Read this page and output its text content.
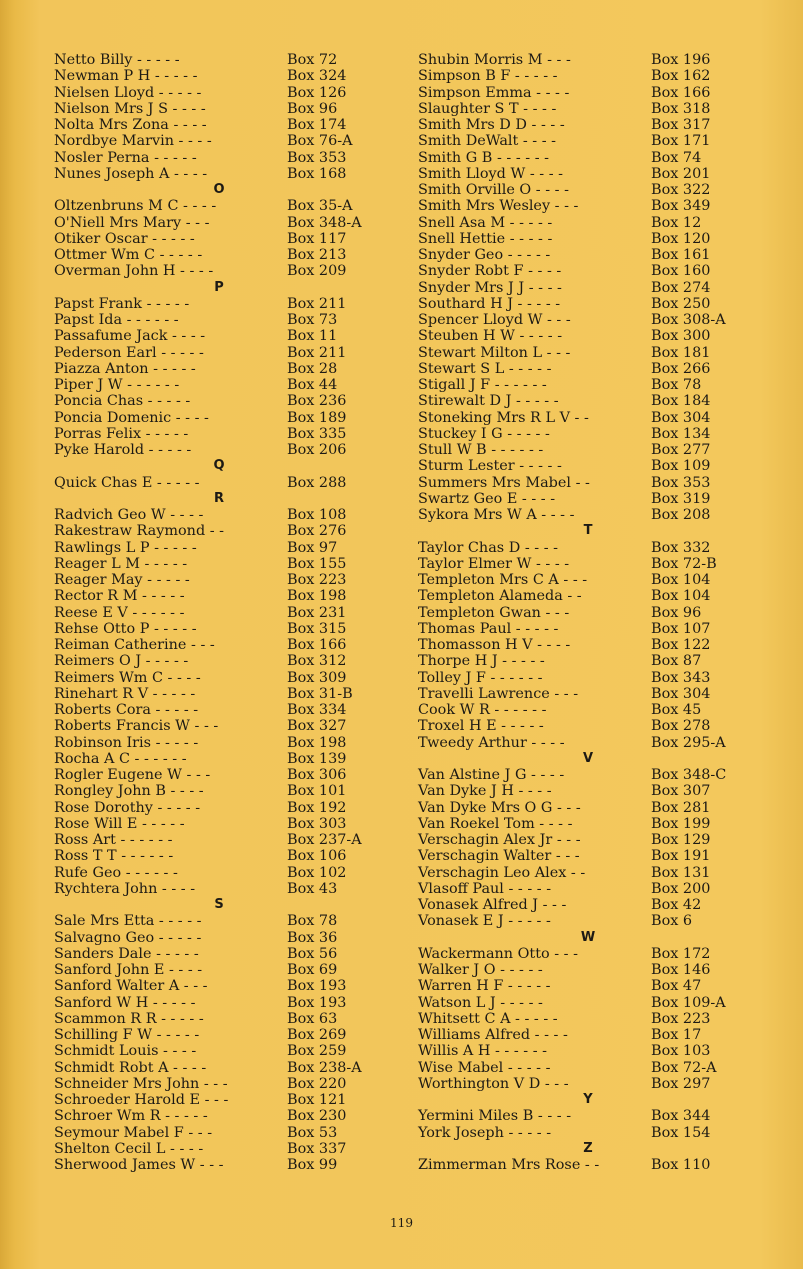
Netto Billy - - - - -	Box 72
Newman P H - - - - -	Box 324
Nielsen Lloyd - - - - -	Box 126
Nielson Mrs J S - - - -	Box 96
Nolta Mrs Zona - - - -	Box 174
Nordbye Marvin - - - -	Box 76-A
Nosler Perna - - - - -	Box 353
Nunes Joseph A - - - -	Box 168
O
Oltzenbruns M C - - - -	Box 35-A
O'Niell Mrs Mary - - -	Box 348-A
Otiker Oscar - - - - -	Box 117
Ottmer Wm C - - - - -	Box 213
Overman John H - - - -	Box 209
P
Papst Frank - - - - -	Box 211
Papst Ida - - - - - -	Box 73
Passafume Jack - - - -	Box 11
Pederson Earl - - - - -	Box 211
Piazza Anton - - - - -	Box 28
Piper J W - - - - - -	Box 44
Poncia Chas - - - - -	Box 236
Poncia Domenic - - - -	Box 189
Porras Felix - - - - -	Box 335
Pyke Harold - - - - -	Box 206
Q
Quick Chas E - - - - -	Box 288
R
Radvich Geo W - - - -	Box 108
Rakestraw Raymond - -	Box 276
Rawlings L P - - - - -	Box 97
Reager L M - - - - -	Box 155
Reager May - - - - -	Box 223
Rector R M - - - - -	Box 198
Reese E V - - - - - -	Box 231
Rehse Otto P - - - - -	Box 315
Reiman Catherine - - -	Box 166
Reimers O J - - - - -	Box 312
Reimers Wm C - - - -	Box 309
Rinehart R V - - - - -	Box 31-B
Roberts Cora - - - - -	Box 334
Roberts Francis W - - -	Box 327
Robinson Iris - - - - -	Box 198
Rocha A C - - - - - -	Box 139
Rogler Eugene W - - -	Box 306
Rongley John B - - - -	Box 101
Rose Dorothy - - - - -	Box 192
Rose Will E - - - - -	Box 303
Ross Art - - - - - -	Box 237-A
Ross T T - - - - - -	Box 106
Rufe Geo - - - - - -	Box 102
Rychtera John - - - -	Box 43
S
Sale Mrs Etta - - - - -	Box 78
Salvagno Geo - - - - -	Box 36
Sanders Dale - - - - -	Box 56
Sanford John E - - - -	Box 69
Sanford Walter A - - -	Box 193
Sanford W H - - - - -	Box 193
Scammon R R - - - - -	Box 63
Schilling F W - - - - -	Box 269
Schmidt Louis - - - -	Box 259
Schmidt Robt A - - - -	Box 238-A
Schneider Mrs John - - -	Box 220
Schroeder Harold E - - -	Box 121
Schroer Wm R - - - - -	Box 230
Seymour Mabel F - - -	Box 53
Shelton Cecil L - - - -	Box 337
Sherwood James W - - -	Box 99
Shubin Morris M - - -	Box 196
Simpson B F - - - - -	Box 162
Simpson Emma - - - -	Box 166
Slaughter S T - - - -	Box 318
Smith Mrs D D - - - -	Box 317
Smith DeWalt - - - -	Box 171
Smith G B - - - - - -	Box 74
Smith Lloyd W - - - -	Box 201
Smith Orville O - - - -	Box 322
Smith Mrs Wesley - - -	Box 349
Snell Asa M - - - - -	Box 12
Snell Hettie - - - - -	Box 120
Snyder Geo - - - - -	Box 161
Snyder Robt F - - - -	Box 160
Snyder Mrs J J - - - -	Box 274
Southard H J - - - - -	Box 250
Spencer Lloyd W - - -	Box 308-A
Steuben H W - - - - -	Box 300
Stewart Milton L - - -	Box 181
Stewart S L - - - - -	Box 266
Stigall J F - - - - - -	Box 78
Stirewalt D J - - - - -	Box 184
Stoneking Mrs R L V - -	Box 304
Stuckey I G - - - - -	Box 134
Stull W B - - - - - -	Box 277
Sturm Lester - - - - -	Box 109
Summers Mrs Mabel - -	Box 353
Swartz Geo E - - - -	Box 319
Sykora Mrs W A - - - -	Box 208
T
Taylor Chas D - - - -	Box 332
Taylor Elmer W - - - -	Box 72-B
Templeton Mrs C A - - -	Box 104
Templeton Alameda - -	Box 104
Templeton Gwan - - -	Box 96
Thomas Paul - - - - -	Box 107
Thomasson H V - - - -	Box 122
Thorpe H J - - - - -	Box 87
Tolley J F - - - - - -	Box 343
Travelli Lawrence - - -	Box 304
Cook W R - - - - - -	Box 45
Troxel H E - - - - -	Box 278
Tweedy Arthur - - - -	Box 295-A
V
Van Alstine J G - - - -	Box 348-C
Van Dyke J H - - - -	Box 307
Van Dyke Mrs O G - - -	Box 281
Van Roekel Tom - - - -	Box 199
Verschagin Alex Jr - - -	Box 129
Verschagin Walter - - -	Box 191
Verschagin Leo Alex - -	Box 131
Vlasoff Paul - - - - -	Box 200
Vonasek Alfred J - - -	Box 42
Vonasek E J - - - - -	Box 6
W
Wackermann Otto - - -	Box 172
Walker J O - - - - -	Box 146
Warren H F - - - - -	Box 47
Watson L J - - - - -	Box 109-A
Whitsett C A - - - - -	Box 223
Williams Alfred - - - -	Box 17
Willis A H - - - - - -	Box 103
Wise Mabel - - - - -	Box 72-A
Worthington V D - - -	Box 297
Y
Yermini Miles B - - - -	Box 344
York Joseph - - - - -	Box 154
Z
Zimmerman Mrs Rose - -	Box 110
119
